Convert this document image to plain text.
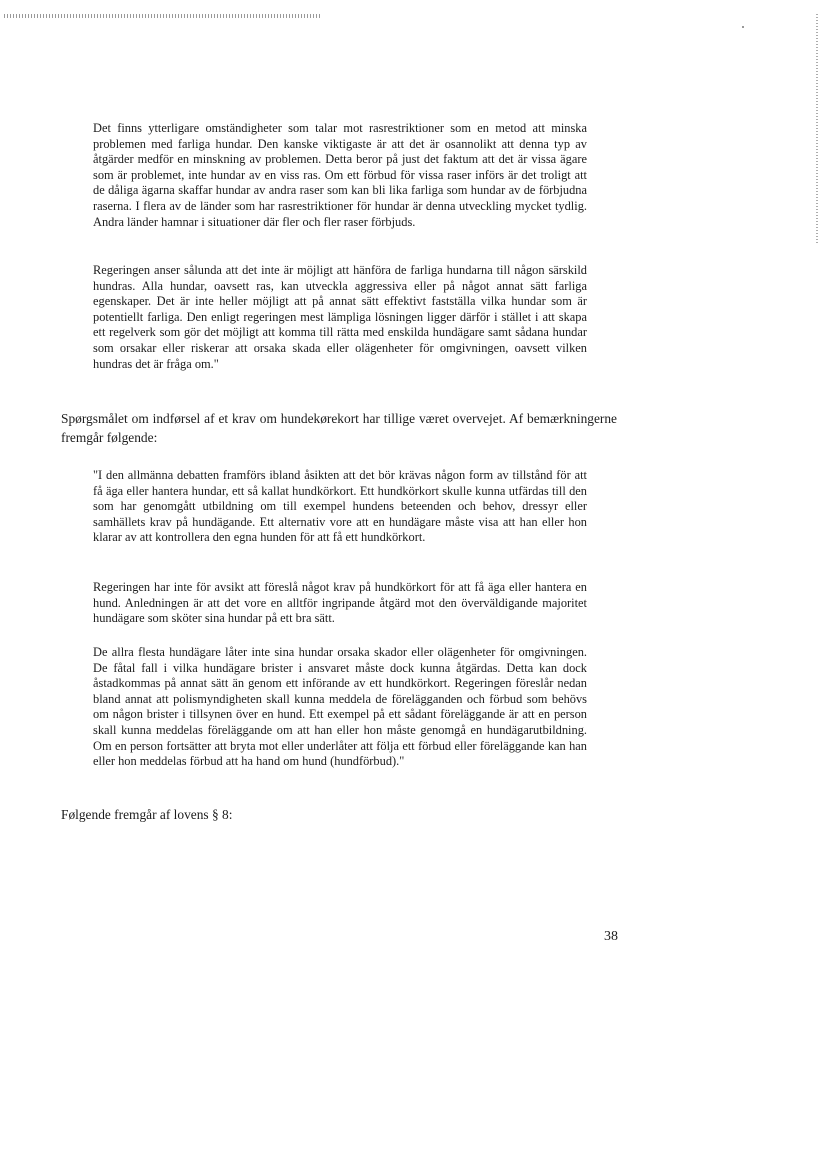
Det finns ytterligare omständigheter som talar mot rasrestriktioner som en metod att minska problemen med farliga hundar. Den kanske viktigaste är att det är osannolikt att denna typ av åtgärder medför en minskning av problemen. Detta beror på just det faktum att det är vissa ägare som är problemet, inte hundar av en viss ras. Om ett förbud för vissa raser införs är det troligt att de dåliga ägarna skaffar hundar av andra raser som kan bli lika farliga som hundar av de förbjudna raserna. I flera av de länder som har rasrestriktioner för hundar är denna utveckling mycket tydlig. Andra länder hamnar i situationer där fler och fler raser förbjuds.

Regeringen anser sålunda att det inte är möjligt att hänföra de farliga hundarna till någon särskild hundras. Alla hundar, oavsett ras, kan utveckla aggressiva eller på något annat sätt farliga egenskaper. Det är inte heller möjligt att på annat sätt effektivt fastställa vilka hundar som är potentiellt farliga. Den enligt regeringen mest lämpliga lösningen ligger därför i stället i att skapa ett regelverk som gör det möjligt att komma till rätta med enskilda hundägare samt sådana hundar som orsakar eller riskerar att orsaka skada eller olägenheter för omgivningen, oavsett vilken hundras det är fråga om."

Spørgsmålet om indførsel af et krav om hundekørekort har tillige været overvejet. Af bemærkningerne fremgår følgende:

"I den allmänna debatten framförs ibland åsikten att det bör krävas någon form av tillstånd för att få äga eller hantera hundar, ett så kallat hundkörkort. Ett hundkörkort skulle kunna utfärdas till den som har genomgått utbildning om till exempel hundens beteenden och behov, dressyr eller samhällets krav på hundägande. Ett alternativ vore att en hundägare måste visa att han eller hon klarar av att kontrollera den egna hunden för att få ett hundkörkort.

Regeringen har inte för avsikt att föreslå något krav på hundkörkort för att få äga eller hantera en hund. Anledningen är att det vore en alltför ingripande åtgärd mot den överväldigande majoritet hundägare som sköter sina hundar på ett bra sätt.

De allra flesta hundägare låter inte sina hundar orsaka skador eller olägenheter för omgivningen. De fåtal fall i vilka hundägare brister i ansvaret måste dock kunna åtgärdas. Detta kan dock åstadkommas på annat sätt än genom ett införande av ett hundkörkort. Regeringen föreslår nedan bland annat att polismyndigheten skall kunna meddela de förelägganden och förbud som behövs om någon brister i tillsynen över en hund. Ett exempel på ett sådant föreläggande är att en person skall kunna meddelas föreläggande om att han eller hon måste genomgå en hundägarutbildning. Om en person fortsätter att bryta mot eller underlåter att följa ett förbud eller föreläggande kan han eller hon meddelas förbud att ha hand om hund (hundförbud)."

Følgende fremgår af lovens § 8:

38
